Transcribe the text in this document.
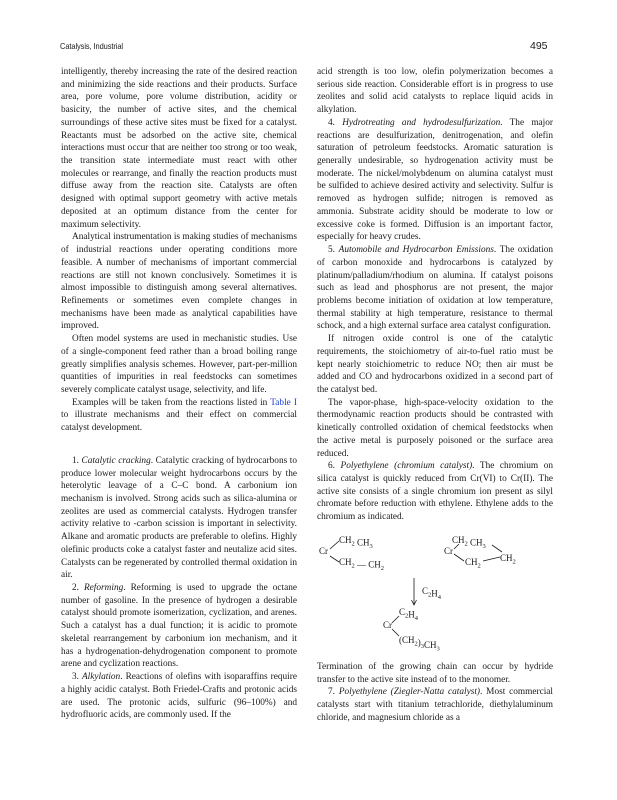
Catalysis, Industrial	495

intelligently, thereby increasing the rate of the desired reaction and minimizing the side reactions and their products. Surface area, pore volume, pore volume distribution, acidity or basicity, the number of active sites, and the chemical surroundings of these active sites must be fixed for a catalyst. Reactants must be adsorbed on the active site, chemical interactions must occur that are neither too strong or too weak, the transition state intermediate must react with other molecules or rearrange, and finally the reaction products must diffuse away from the reaction site. Catalysts are often designed with optimal support geometry with active metals deposited at an optimum distance from the center for maximum selectivity.

Analytical instrumentation is making studies of mechanisms of industrial reactions under operating conditions more feasible. A number of mechanisms of important commercial reactions are still not known conclusively. Sometimes it is almost impossible to distinguish among several alternatives. Refinements or sometimes even complete changes in mechanisms have been made as analytical capabilities have improved.

Often model systems are used in mechanistic studies. Use of a single-component feed rather than a broad boiling range greatly simplifies analysis schemes. However, part-per-million quantities of impurities in real feedstocks can sometimes severely complicate catalyst usage, selectivity, and life.

Examples will be taken from the reactions listed in Table I to illustrate mechanisms and their effect on commercial catalyst development.

1. Catalytic cracking. Catalytic cracking of hydrocarbons to produce lower molecular weight hydrocarbons occurs by the heterolytic leavage of a C–C bond. A carbonium ion mechanism is involved. Strong acids such as silica-alumina or zeolites are used as commercial catalysts. Hydrogen transfer activity relative to -carbon scission is important in selectivity. Alkane and aromatic products are preferable to olefins. Highly olefinic products coke a catalyst faster and neutalize acid sites. Catalysts can be regenerated by controlled thermal oxidation in air.

2. Reforming. Reforming is used to upgrade the octane number of gasoline. In the presence of hydrogen a desirable catalyst should promote isomerization, cyclization, and arenes. Such a catalyst has a dual function; it is acidic to promote skeletal rearrangement by carbonium ion mechanism, and it has a hydrogenation-dehydrogenation component to promote arene and cyclization reactions.

3. Alkylation. Reactions of olefins with isoparaffins require a highly acidic catalyst. Both Friedel-Crafts and protonic acids are used. The protonic acids, sulfuric (96–100%) and hydrofluoric acids, are commonly used. If the

acid strength is too low, olefin polymerization becomes a serious side reaction. Considerable effort is in progress to use zeolites and solid acid catalysts to replace liquid acids in alkylation.

4. Hydrotreating and hydrodesulfurization. The major reactions are desulfurization, denitrogenation, and olefin saturation of petroleum feedstocks. Aromatic saturation is generally undesirable, so hydrogenation activity must be moderate. The nickel/molybdenum on alumina catalyst must be sulfided to achieve desired activity and selectivity. Sulfur is removed as hydrogen sulfide; nitrogen is removed as ammonia. Substrate acidity should be moderate to low or excessive coke is formed. Diffusion is an important factor, especially for heavy crudes.

5. Automobile and Hydrocarbon Emissions. The oxidation of carbon monoxide and hydrocarbons is catalyzed by platinum/palladium/rhodium on alumina. If catalyst poisons such as lead and phosphorus are not present, the major problems become initiation of oxidation at low temperature, thermal stability at high temperature, resistance to thermal schock, and a high external surface area catalyst configuration.

If nitrogen oxide control is one of the catalytic requirements, the stoichiometry of air-to-fuel ratio must be kept nearly stoichiometric to reduce NO; then air must be added and CO and hydrocarbons oxidized in a second part of the catalyst bed.

The vapor-phase, high-space-velocity oxidation to the thermodynamic reaction products should be contrasted with kinetically controlled oxidation of chemical feedstocks when the active metal is purposely poisoned or the surface area reduced.

6. Polyethylene (chromium catalyst). The chromium on silica catalyst is quickly reduced from Cr(VI) to Cr(II). The active site consists of a single chromium ion present as silyl chromate before reduction with ethylene. Ethylene adds to the chromium as indicated.

Cr
$CH_2$ $CH_3$
$CH_2$ — $CH_2$
Cr
$CH_2$ $CH_3$
$CH_2$
$CH_2$
$C_2H_4$
$C_2H_4$
Cr
$(CH_2)_3CH_3$

Termination of the growing chain can occur by hydride transfer to the active site instead of to the monomer.

7. Polyethylene (Ziegler-Natta catalyst). Most commercial catalysts start with titanium tetrachloride, diethylaluminum chloride, and magnesium chloride as a
